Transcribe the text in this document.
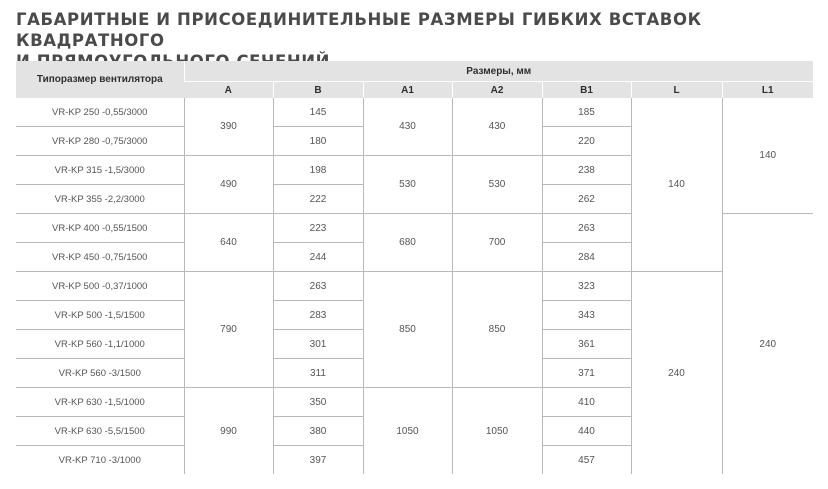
ГАБАРИТНЫЕ И ПРИСОЕДИНИТЕЛЬНЫЕ РАЗМЕРЫ ГИБКИХ ВСТАВОК КВАДРАТНОГО
Типоразмер вентилятора	Размеры, мм						
	A	B	A1	A2	B1	L	L1
VR-KP 250 -0,55/3000	390	145	430	430	185	140	140
VR-KP 280 -0,75/3000		180			220		
VR-KP 315 -1,5/3000	490	198	530	530	238		
VR-KP 355 -2,2/3000		222			262		
VR-KP 400 -0,55/1500	640	223	680	700	263		240
VR-KP 450 -0,75/1500		244			284		
VR-KP 500 -0,37/1000	790	263	850	850	323	240	
VR-KP 500 -1,5/1500		283			343		
VR-KP 560 -1,1/1000		301			361		
VR-KP 560 -3/1500		311			371		
VR-KP 630 -1,5/1000	990	350	1050	1050	410		
VR-KP 630 -5,5/1500		380			440		
VR-KP 710 -3/1000		397			457		
